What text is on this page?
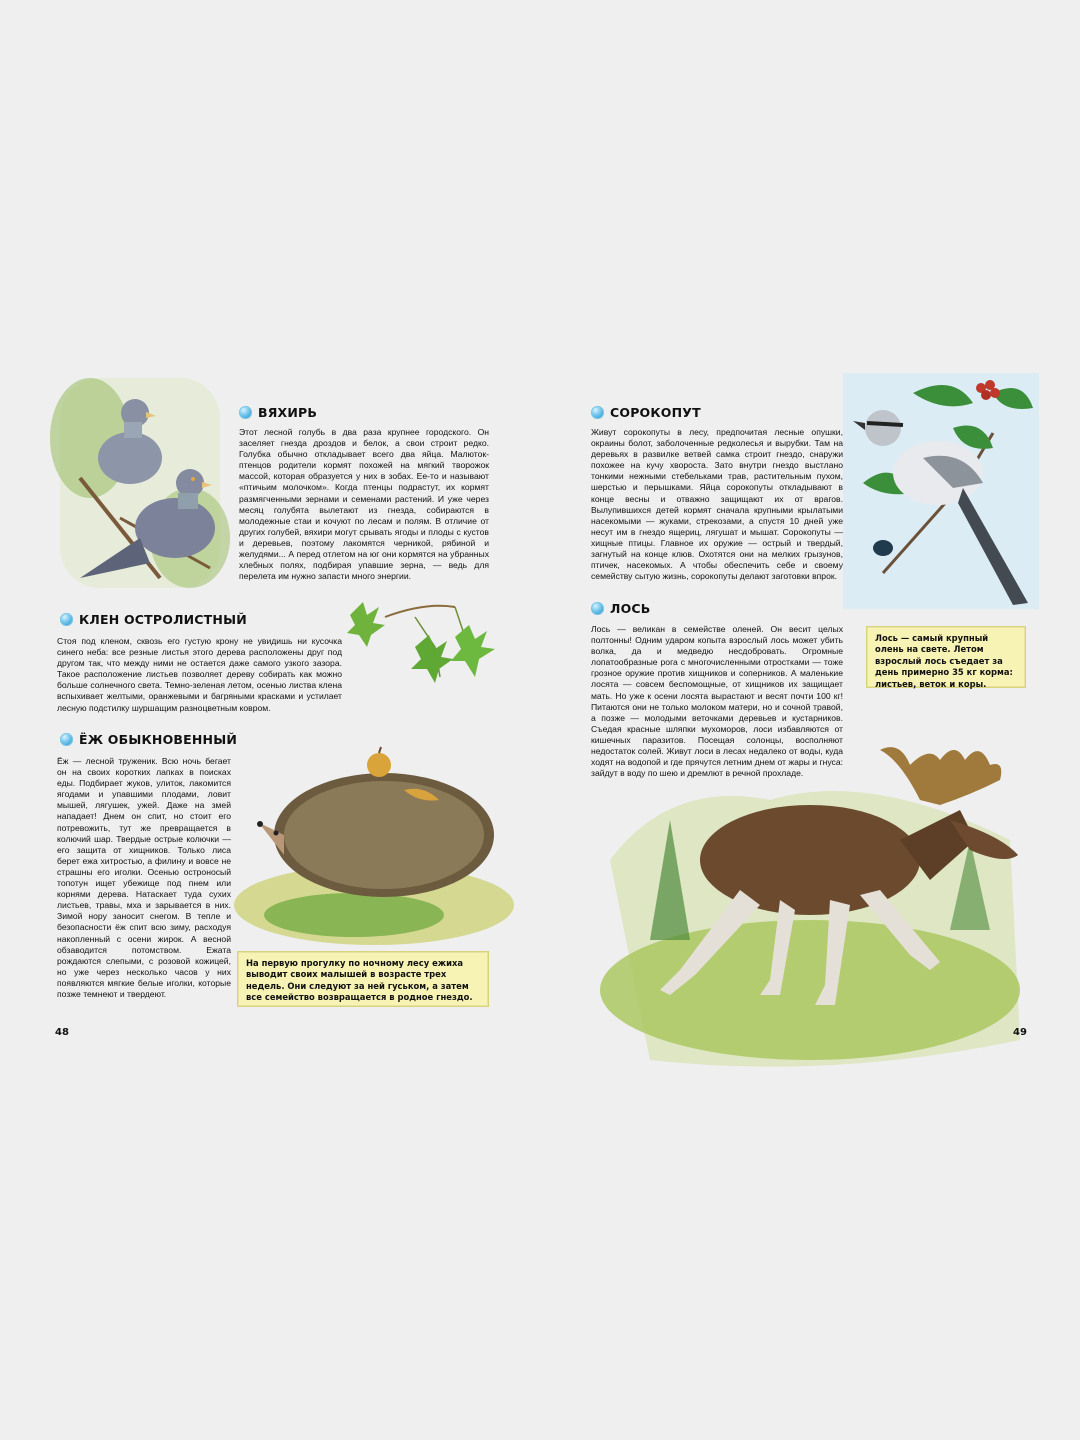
ВЯХИРЬ

Этот лесной голубь в два раза крупнее городского. Он заселяет гнезда дроздов и белок, а свои строит редко. Голубка обычно откладывает всего два яйца. Малюток-птенцов родители кормят похожей на мягкий творожок массой, которая образуется у них в зобах. Ее-то и называют «птичьим молочком». Когда птенцы подрастут, их кормят размягченными зернами и семенами растений. И уже через месяц голубята вылетают из гнезда, собираются в молодежные стаи и кочуют по лесам и полям. В отличие от других голубей, вяхири могут срывать ягоды и плоды с кустов и деревьев, поэтому лакомятся черникой, рябиной и желудями... А перед отлетом на юг они кормятся на убранных хлебных полях, подбирая упавшие зерна, — ведь для перелета им нужно запасти много энергии.

КЛЕН ОСТРОЛИСТНЫЙ

Стоя под кленом, сквозь его густую крону не увидишь ни кусочка синего неба: все резные листья этого дерева расположены друг под другом так, что между ними не остается даже самого узкого зазора. Такое расположение листьев позволяет дереву собирать как можно больше солнечного света. Темно-зеленая летом, осенью листва клена вспыхивает желтыми, оранжевыми и багряными красками и устилает лесную подстилку шуршащим разноцветным ковром.

ЁЖ ОБЫКНОВЕННЫЙ

Ёж — лесной труженик. Всю ночь бегает он на своих коротких лапках в поисках еды. Подбирает жуков, улиток, лакомится ягодами и упавшими плодами, ловит мышей, лягушек, ужей. Даже на змей нападает! Днем он спит, но стоит его потревожить, тут же превращается в колючий шар. Твердые острые колючки — его защита от хищников. Только лиса берет ежа хитростью, а филину и вовсе не страшны его иголки. Осенью остроносый топотун ищет убежище под пнем или корнями дерева. Натаскает туда сухих листьев, травы, мха и зарывается в них. Зимой нору заносит снегом. В тепле и безопасности ёж спит всю зиму, расходуя накопленный с осени жирок. А весной обзаводится потомством. Ежата рождаются слепыми, с розовой кожицей, но уже через несколько часов у них появляются мягкие белые иголки, которые позже темнеют и твердеют.

На первую прогулку по ночному лесу ежиха выводит своих малышей в возрасте трех недель. Они следуют за ней гуськом, а затем все семейство возвращается в родное гнездо.
48
СОРОКОПУТ

Живут сорокопуты в лесу, предпочитая лесные опушки, окраины болот, заболоченные редколесья и вырубки. Там на деревьях в развилке ветвей самка строит гнездо, снаружи похожее на кучу хвороста. Зато внутри гнездо выстлано тонкими нежными стебельками трав, растительным пухом, шерстью и перышками. Яйца сорокопуты откладывают в конце весны и отважно защищают их от врагов. Вылупившихся детей кормят сначала крупными крылатыми насекомыми — жуками, стрекозами, а спустя 10 дней уже несут им в гнездо ящериц, лягушат и мышат. Сорокопуты — хищные птицы. Главное их оружие — острый и твердый, загнутый на конце клюв. Охотятся они на мелких грызунов, птичек, насекомых. А чтобы обеспечить себе и своему семейству сытую жизнь, сорокопуты делают заготовки впрок.

ЛОСЬ

Лось — великан в семействе оленей. Он весит целых полтонны! Одним ударом копыта взрослый лось может убить волка, да и медведю несдобровать. Огромные лопатообразные рога с многочисленными отростками — тоже грозное оружие против хищников и соперников. А маленькие лосята — совсем беспомощные, от хищников их защищает мать. Но уже к осени лосята вырастают и весят почти 100 кг! Питаются они не только молоком матери, но и сочной травой, а позже — молодыми веточками деревьев и кустарников. Съедая красные шляпки мухоморов, лоси избавляются от кишечных паразитов. Посещая солонцы, восполняют недостаток солей. Живут лоси в лесах недалеко от воды, куда ходят на водопой и где прячутся летним днем от жары и гнуса: зайдут в воду по шею и дремлют в речной прохладе.

Лось — самый крупный олень на свете. Летом взрослый лось съедает за день примерно 35 кг корма: листьев, веток и коры.
49
